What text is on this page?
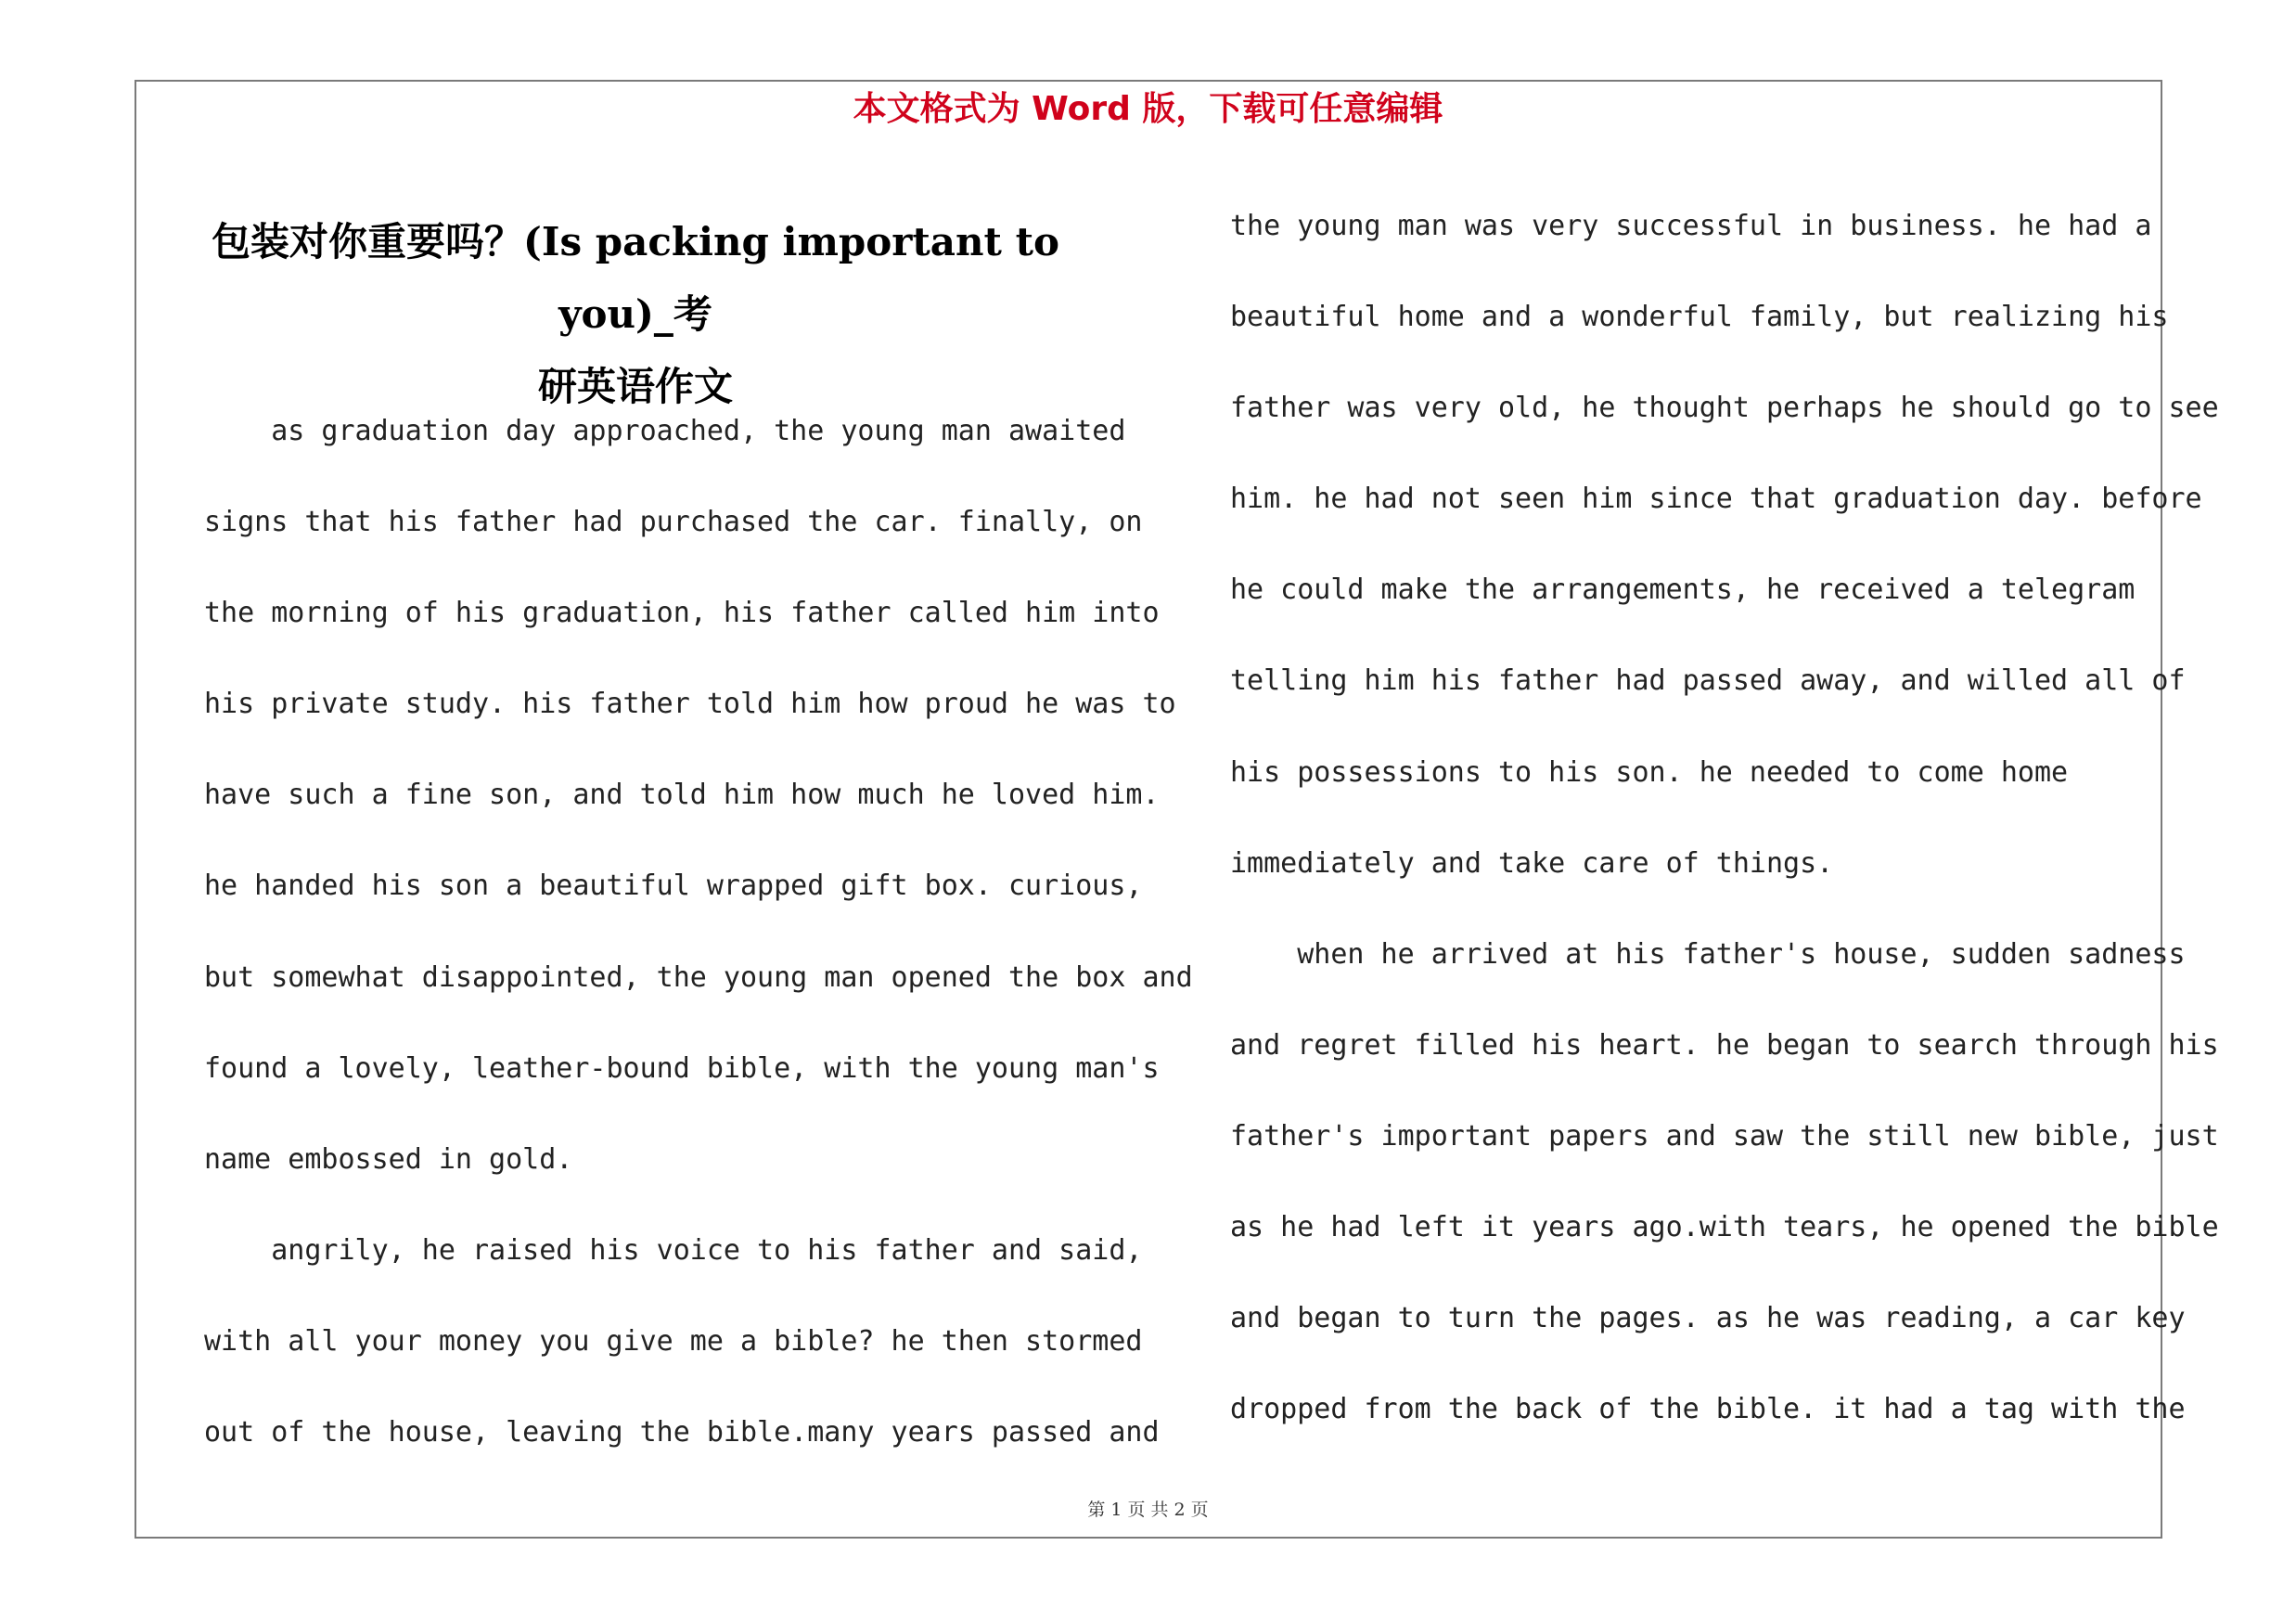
本文格式为 Word 版，下载可任意编辑
包装对你重要吗？(Is packing important to you)_考
研英语作文
as graduation day approached, the young man awaited
signs that his father had purchased the car. finally, on
the morning of his graduation, his father called him into
his private study. his father told him how proud he was to
have such a fine son, and told him how much he loved him.
he handed his son a beautiful wrapped gift box. curious,
but somewhat disappointed, the young man opened the box and
found a lovely, leather-bound bible, with the young man's
name embossed in gold.
angrily, he raised his voice to his father and said,
with all your money you give me a bible? he then stormed
out of the house, leaving the bible.many years passed and
the young man was very successful in business. he had a
beautiful home and a wonderful family, but realizing his
father was very old, he thought perhaps he should go to see
him. he had not seen him since that graduation day. before
he could make the arrangements, he received a telegram
telling him his father had passed away, and willed all of
his possessions to his son. he needed to come home
immediately and take care of things.
when he arrived at his father's house, sudden sadness
and regret filled his heart. he began to search through his
father's important papers and saw the still new bible, just
as he had left it years ago.with tears, he opened the bible
and began to turn the pages. as he was reading, a car key
dropped from the back of the bible. it had a tag with the
第 1 页 共 2 页
